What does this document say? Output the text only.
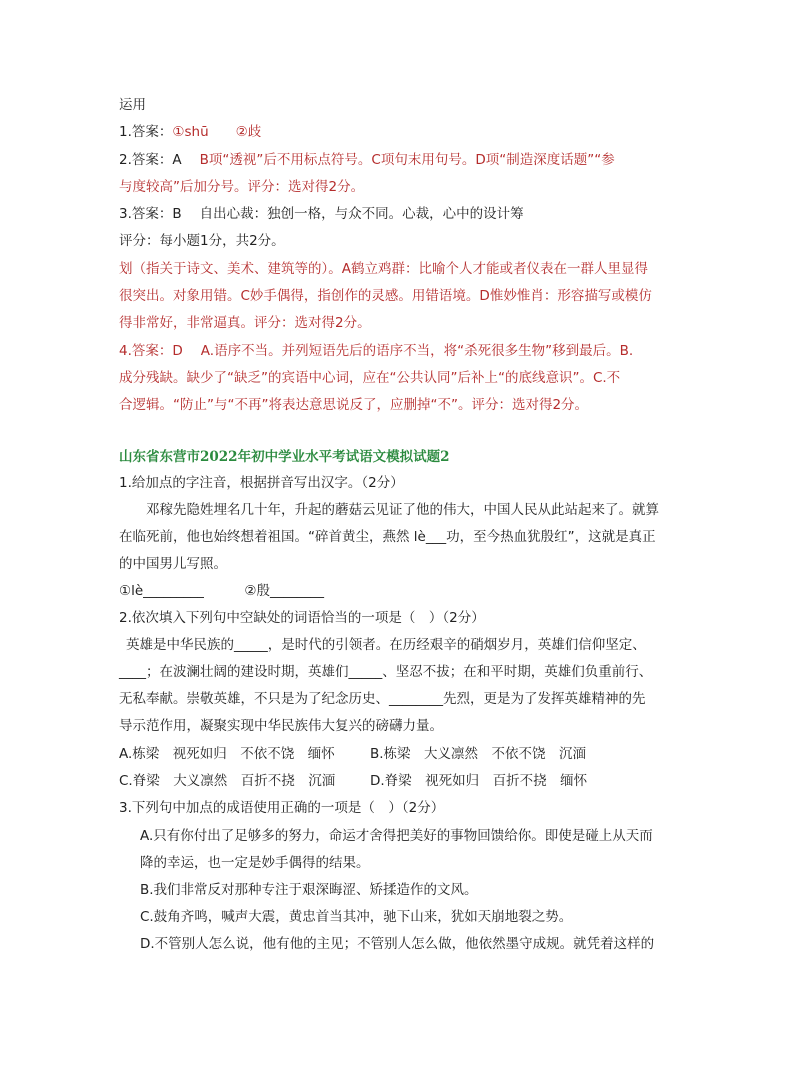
运用
1.答案：①shū　　②歧
2.答案：A B项“透视”后不用标点符号。C项句末用句号。D项“制造深度话题”“参
与度较高”后加分号。评分：选对得2分。
3.答案：B 自出心裁：独创一格，与众不同。心裁，心中的设计筹
评分：每小题1分，共2分。
划（指关于诗文、美术、建筑等的）。A鹤立鸡群：比喻个人才能或者仪表在一群人里显得
很突出。对象用错。C妙手偶得，指创作的灵感。用错语境。D惟妙惟肖：形容描写或模仿
得非常好，非常逼真。评分：选对得2分。
4.答案：D A.语序不当。并列短语先后的语序不当，将“杀死很多生物”移到最后。B.
成分残缺。缺少了“缺乏”的宾语中心词，应在“公共认同”后补上“的底线意识”。C.不
合逻辑。“防止”与“不再”将表达意思说反了，应删掉“不”。评分：选对得2分。
山东省东营市2022年初中学业水平考试语文模拟试题2
1.给加点的字注音，根据拼音写出汉字。（2分）
邓稼先隐姓埋名几十年，升起的蘑菇云见证了他的伟大，中国人民从此站起来了。就算
在临死前，他也始终想着祖国。“碎首黄尘，燕然 lè___功，至今热血犹殷红”，这就是真正
的中国男儿写照。
①lè_________　　　②殷________
2.依次填入下列句中空缺处的词语恰当的一项是（　）（2分）
英雄是中华民族的_____，是时代的引领者。在历经艰辛的硝烟岁月，英雄们信仰坚定、
____；在波澜壮阔的建设时期，英雄们_____、坚忍不拔；在和平时期，英雄们负重前行、
无私奉献。崇敬英雄，不只是为了纪念历史、________先烈，更是为了发挥英雄精神的先
导示范作用，凝聚实现中华民族伟大复兴的磅礴力量。
A.栋梁　视死如归　不依不饶　缅怀	B.栋梁　大义凛然　不依不饶　沉湎
C.脊梁　大义凛然　百折不挠　沉湎	D.脊梁　视死如归　百折不挠　缅怀
3.下列句中加点的成语使用正确的一项是（　）（2分）
A.只有你付出了足够多的努力，命运才舍得把美好的事物回馈给你。即使是碰上从天而
降的幸运，也一定是妙手偶得的结果。
B.我们非常反对那种专注于艰深晦涩、矫揉造作的文风。
C.鼓角齐鸣，喊声大震，黄忠首当其冲，驰下山来，犹如天崩地裂之势。
D.不管别人怎么说，他有他的主见；不管别人怎么做，他依然墨守成规。就凭着这样的
